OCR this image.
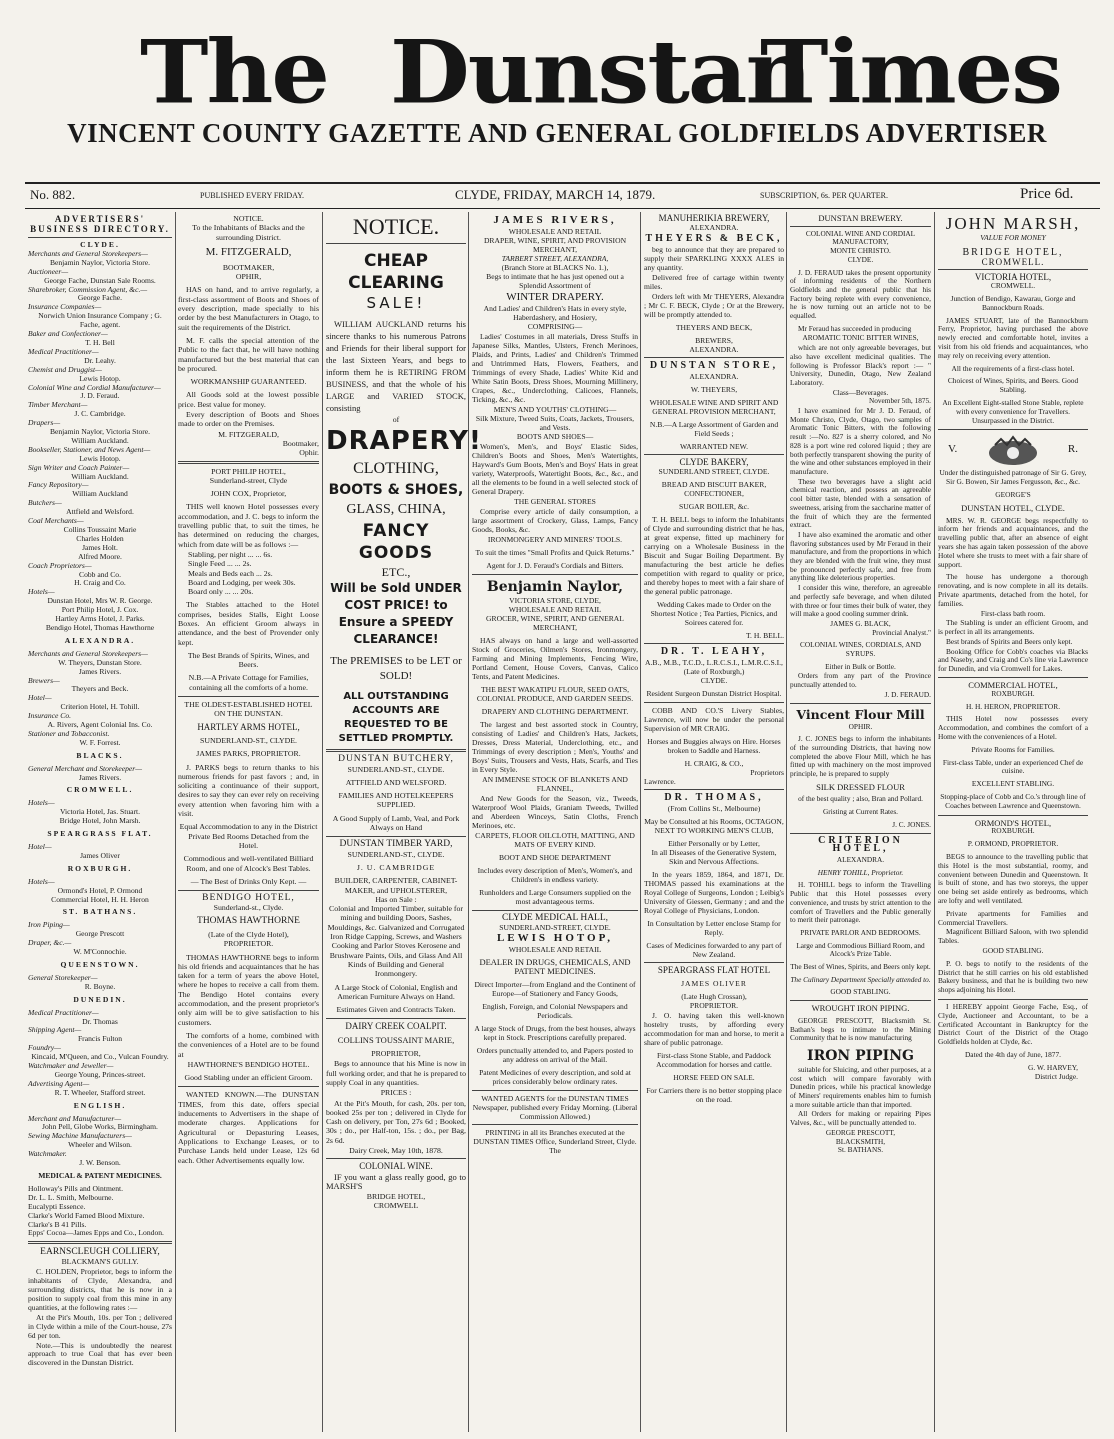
The Dunstan
Times
VINCENT COUNTY GAZETTE AND GENERAL GOLDFIELDS ADVERTISER
No. 882.	PUBLISHED EVERY FRIDAY.	CLYDE, FRIDAY, MARCH 14, 1879.	SUBSCRIPTION, 6s. PER QUARTER.	Price 6d.
ADVERTISERS' BUSINESS DIRECTORY.
CLYDE.
Merchants and General Storekeepers—
Benjamin Naylor, Victoria Store.
Auctioneer—
George Fache, Dunstan Sale Rooms.
Sharebroker, Commission Agent, &c.—
George Fache.
Insurance Companies—
Norwich Union Insurance Company ; G. Fache, agent.
Baker and Confectioner—
T. H. Bell
Medical Practitioner—
Dr. Leahy.
Chemist and Druggist—
Lewis Hotop.
Colonial Wine and Cordial Manufacturer—
J. D. Feraud.
Timber Merchant—
J. C. Cambridge.
Drapers—
Benjamin Naylor, Victoria Store.
William Auckland.
Bookseller, Stationer, and News Agent—
Lewis Hotop.
Sign Writer and Coach Painter—
William Auckland.
Fancy Repository—
William Auckland
Butchers—
Attfield and Welsford.
Coal Merchants—
Collins Toussaint Marie
Charles Holden
James Holt.
Alfred Moore.
Coach Proprietors—
Cobb and Co.
H. Craig and Co.
Hotels—
Dunstan Hotel, Mrs W. R. George.
Port Philip Hotel, J. Cox.
Hartley Arms Hotel, J. Parks.
Bendigo Hotel, Thomas Hawthorne
ALEXANDRA.
Merchants and General Storekeepers—
W. Theyers, Dunstan Store.
James Rivers.
Brewers—
Theyers and Beck.
Hotel—
Criterion Hotel, H. Tohill.
Insurance Co.
A. Rivers, Agent Colonial Ins. Co.
Stationer and Tobacconist.
W. F. Forrest.
BLACKS.
General Merchant and Storekeeper—
James Rivers.
CROMWELL.
Hotels—
Victoria Hotel, Jas. Stuart.
Bridge Hotel, John Marsh.
SPEARGRASS FLAT.
Hotel—
James Oliver
ROXBURGH.
Hotels—
Ormond's Hotel, P. Ormond
Commercial Hotel, H. H. Heron
ST. BATHANS.
Iron Piping—
George Prescott
Draper, &c.—
W. M'Connochie.
QUEENSTOWN.
General Storekeeper—
R. Boyne.
DUNEDIN.
Medical Practitioner—
Dr. Thomas
Shipping Agent—
Francis Fulton
Foundry—
Kincaid, M'Queen, and Co., Vulcan Foundry.
Watchmaker and Jeweller—
George Young, Princes-street.
Advertising Agent—
R. T. Wheeler, Stafford street.
ENGLISH.
Merchant and Manufacturer—
John Pell, Globe Works, Birmingham.
Sewing Machine Manufacturers—
Wheeler and Wilson.
Watchmaker.
J. W. Benson.
MEDICAL & PATENT MEDICINES.
Holloway's Pills and Ointment.
Dr. L. L. Smith, Melbourne.
Eucalypti Essence.
Clarke's World Famed Blood Mixture.
Clarke's B 41 Pills.
Epps' Cocoa—James Epps and Co., London.
EARNSCLEUGH COLLIERY,
BLACKMAN'S GULLY.
C. HOLDEN, Proprietor, begs to inform the inhabitants of Clyde, Alexandra, and surrounding districts, that he is now in a position to supply coal from this mine in any quantities, at the following rates :—
At the Pit's Mouth, 10s. per Ton ; delivered in Clyde within a mile of the Court-house, 27s 6d per ton.
Note.—This is undoubtedly the nearest approach to true Coal that has ever been discovered in the Dunstan District.
NOTICE.
To the Inhabitants of Blacks and the surrounding District.
M. FITZGERALD,
BOOTMAKER,
OPHIR,
HAS on hand, and to arrive regularly, a first-class assortment of Boots and Shoes of every description, made specially to his order by the best Manufacturers in Otago, to suit the requirements of the District.
M. F. calls the special attention of the Public to the fact that, he will have nothing manufactured but the best material that can be procured.
WORKMANSHIP GUARANTEED.
All Goods sold at the lowest possible price. Best value for money.
Every description of Boots and Shoes made to order on the Premises.
M. FITZGERALD,
Bootmaker,
Ophir.
PORT PHILIP HOTEL,
Sunderland-street, Clyde
JOHN COX, Proprietor,
THIS well known Hotel possesses every accommodation, and J. C. begs to inform the travelling public that, to suit the times, he has determined on reducing the charges, which from date will be as follows :—
Stabling, per night ... ... 6s.
Single Feed ... ... 2s.
Meals and Beds each ... 2s.
Board and Lodging, per week 30s.
Board only ... ... 20s.
The Stables attached to the Hotel comprises, besides Stalls, Eight Loose Boxes. An efficient Groom always in attendance, and the best of Provender only kept.
The Best Brands of Spirits, Wines, and Beers.
N.B.—A Private Cottage for Families, containing all the comforts of a home.
THE OLDEST-ESTABLISHED HOTEL ON THE DUNSTAN.
HARTLEY ARMS HOTEL,
SUNDERLAND-ST., CLYDE.
JAMES PARKS, PROPRIETOR.
J. PARKS begs to return thanks to his numerous friends for past favors ; and, in soliciting a continuance of their support, desires to say they can ever rely on receiving every attention when favoring him with a visit.
Equal Accommodation to any in the District Private Bed Rooms Detached from the Hotel.
Commodious and well-ventilated Billiard Room, and one of Alcock's Best Tables.
— The Best of Drinks Only Kept. —
BENDIGO HOTEL,
Sunderland-st., Clyde.
THOMAS HAWTHORNE
(Late of the Clyde Hotel),
PROPRIETOR.
THOMAS HAWTHORNE begs to inform his old friends and acquaintances that he has taken for a term of years the above Hotel, where he hopes to receive a call from them. The Bendigo Hotel contains every accommodation, and the present proprietor's only aim will be to give satisfaction to his customers.
The comforts of a home, combined with the conveniences of a Hotel are to be found at
HAWTHORNE'S BENDIGO HOTEL.
Good Stabling under an efficient Groom.
WANTED KNOWN.—The DUNSTAN TIMES, from this date, offers special inducements to Advertisers in the shape of moderate charges. Applications for Agricultural or Depasturing Leases, Applications to Exchange Leases, or to Purchase Lands held under Lease, 12s 6d each. Other Advertisements equally low.
NOTICE.
CHEAP CLEARING
SALE!
WILLIAM AUCKLAND returns his sincere thanks to his numerous Patrons and Friends for their liberal support for the last Sixteen Years, and begs to inform them he is RETIRING FROM BUSINESS, and that the whole of his LARGE and VARIED STOCK, consisting
of
DRAPERY!
CLOTHING,
BOOTS & SHOES,
GLASS, CHINA,
FANCY GOODS
ETC.,
Will be Sold UNDER COST PRICE! to Ensure a SPEEDY CLEARANCE!
The PREMISES to be LET or SOLD!
ALL OUTSTANDING ACCOUNTS ARE REQUESTED TO BE SETTLED PROMPTLY.
DUNSTAN BUTCHERY,
SUNDERLAND-ST., CLYDE.
ATTFIELD AND WELSFORD.
FAMILIES AND HOTELKEEPERS SUPPLIED.
A Good Supply of Lamb, Veal, and Pork Always on Hand
DUNSTAN TIMBER YARD,
SUNDERLAND-ST., CLYDE.
J. U. CAMBRIDGE
BUILDER, CARPENTER, CABINET-MAKER, and UPHOLSTERER,
Has on Sale :
Colonial and Imported Timber, suitable for mining and building Doors, Sashes, Mouldings, &c. Galvanized and Corrugated Iron Ridge Capping, Screws, and Washers Cooking and Parlor Stoves Kerosene and Brushware Paints, Oils, and Glass And All Kinds of Building and General Ironmongery.
A Large Stock of Colonial, English and American Furniture Always on Hand.
Estimates Given and Contracts Taken.
DAIRY CREEK COALPIT.
COLLINS TOUSSAINT MARIE,
PROPRIETOR,
Begs to announce that his Mine is now in full working order, and that he is prepared to supply Coal in any quantities.
PRICES :
At the Pit's Mouth, for cash, 20s. per ton, booked 25s per ton ; delivered in Clyde for Cash on delivery, per Ton, 27s 6d ; Booked, 30s ; do., per Half-ton, 15s. ; do., per Bag, 2s 6d.
Dairy Creek, May 10th, 1878.
COLONIAL WINE.
IF you want a glass really good, go to MARSH'S
BRIDGE HOTEL,
CROMWELL
JAMES RIVERS,
WHOLESALE AND RETAIL
DRAPER, WINE, SPIRIT, AND PROVISION MERCHANT,
TARBERT STREET, ALEXANDRA,
(Branch Store at BLACKS No. 1.),
Begs to intimate that he has just opened out a Splendid Assortment of
WINTER DRAPERY.
And Ladies' and Children's Hats in every style, Haberdashery, and Hosiery,
COMPRISING—
Ladies' Costumes in all materials, Dress Stuffs in Japanese Silks, Mantles, Ulsters, French Merinoes, Plaids, and Prints, Ladies' and Children's Trimmed and Untrimmed Hats, Flowers, Feathers, and Trimmings of every Shade, Ladies' White Kid and White Satin Boots, Dress Shoes, Mourning Millinery, Crapes, &c., Underclothing, Calicoes, Flannels, Ticking, &c., &c.
MEN'S AND YOUTHS' CLOTHING—
Silk Mixture, Tweed Suits, Coats, Jackets, Trousers, and Vests.
BOOTS AND SHOES—
Women's, Men's, and Boys' Elastic Sides, Children's Boots and Shoes, Men's Watertights, Hayward's Gum Boots, Men's and Boys' Hats in great variety, Waterproofs, Watertight Boots, &c., &c., and all the elements to be found in a well selected stock of General Drapery.
THE GENERAL STORES
Comprise every article of daily consumption, a large assortment of Crockery, Glass, Lamps, Fancy Goods, Books, &c.
IRONMONGERY AND MINERS' TOOLS.
To suit the times "Small Profits and Quick Returns."
Agent for J. D. Feraud's Cordials and Bitters.
Benjamin Naylor,
VICTORIA STORE, CLYDE,
WHOLESALE AND RETAIL
GROCER, WINE, SPIRIT, AND GENERAL MERCHANT,
HAS always on hand a large and well-assorted Stock of Groceries, Oilmen's Stores, Ironmongery, Farming and Mining Implements, Fencing Wire, Portland Cement, House Covers, Canvas, Calico Tents, and Patent Medicines.
THE BEST WAKATIPU FLOUR, SEED OATS, COLONIAL PRODUCE, AND GARDEN SEEDS.
DRAPERY AND CLOTHING DEPARTMENT.
The largest and best assorted stock in Country, consisting of Ladies' and Children's Hats, Jackets, Dresses, Dress Material, Underclothing, etc., and Trimmings of every description ; Men's, Youths' and Boys' Suits, Trousers and Vests, Hats, Scarfs, and Ties in Every Style.
AN IMMENSE STOCK OF BLANKETS AND FLANNEL,
And New Goods for the Season, viz., Tweeds, Waterproof Wool Plaids, Graniam Tweeds, Twilled and Aberdeen Winceys, Satin Cloths, French Merinoes, etc.
CARPETS, FLOOR OILCLOTH, MATTING, AND MATS OF EVERY KIND.
BOOT AND SHOE DEPARTMENT
Includes every description of Men's, Women's, and Children's in endless variety.
Runholders and Large Consumers supplied on the most advantageous terms.
CLYDE MEDICAL HALL,
SUNDERLAND-STREET, CLYDE.
LEWIS HOTOP,
WHOLESALE AND RETAIL
DEALER IN DRUGS, CHEMICALS, AND PATENT MEDICINES.
Direct Importer—from England and the Continent of Europe—of Stationery and Fancy Goods,
English, Foreign, and Colonial Newspapers and Periodicals.
A large Stock of Drugs, from the best houses, always kept in Stock. Prescriptions carefully prepared.
Orders punctually attended to, and Papers posted to any address on arrival of the Mail.
Patent Medicines of every description, and sold at prices considerably below ordinary rates.
WANTED AGENTS for the DUNSTAN TIMES Newspaper, published every Friday Morning. (Liberal Commission Allowed.)
PRINTING in all its Branches executed at the DUNSTAN TIMES Office, Sunderland Street, Clyde. The
MANUHERIKIA BREWERY,
ALEXANDRA.
THEYERS & BECK,
beg to announce that they are prepared to supply their SPARKLING XXXX ALES in any quantity.
Delivered free of cartage within twenty miles.
Orders left with Mr THEYERS, Alexandra ; Mr C. F. BECK, Clyde ; Or at the Brewery, will be promptly attended to.
THEYERS AND BECK,
BREWERS,
ALEXANDRA.
DUNSTAN STORE,
ALEXANDRA.
W. THEYERS,
WHOLESALE WINE AND SPIRIT AND GENERAL PROVISION MERCHANT,
N.B.—A Large Assortment of Garden and Field Seeds ;
WARRANTED NEW.
CLYDE BAKERY,
SUNDERLAND STREET, CLYDE.
BREAD AND BISCUIT BAKER, CONFECTIONER,
SUGAR BOILER, &c.
T. H. BELL begs to inform the Inhabitants of Clyde and surrounding district that he has, at great expense, fitted up machinery for carrying on a Wholesale Business in the Biscuit and Sugar Boiling Department. By manufacturing the best article he defies competition with regard to quality or price, and thereby hopes to meet with a fair share of the general public patronage.
Wedding Cakes made to Order on the Shortest Notice ; Tea Parties, Picnics, and Soirees catered for.
T. H. BELL.
DR. T. LEAHY,
A.B., M.B., T.C.D., L.R.C.S.I., L.M.R.C.S.I.,
(Late of Roxburgh,)
CLYDE.
Resident Surgeon Dunstan District Hospital.
COBB AND CO.'S Livery Stables, Lawrence, will now be under the personal Supervision of MR CRAIG.
Horses and Buggies always on Hire. Horses broken to Saddle and Harness.
H. CRAIG, & CO.,
Proprietors
Lawrence.
DR. THOMAS,
(From Collins St., Melbourne)
May be Consulted at his Rooms, OCTAGON, NEXT TO WORKING MEN'S CLUB,
Either Personally or by Letter,
In all Diseases of the Generative System, Skin and Nervous Affections.
In the years 1859, 1864, and 1871, Dr. THOMAS passed his examinations at the Royal College of Surgeons, London ; Leibig's University of Giessen, Germany ; and and the Royal College of Physicians, London.
In Consultation by Letter enclose Stamp for Reply.
Cases of Medicines forwarded to any part of New Zealand.
SPEARGRASS FLAT HOTEL
JAMES OLIVER
(Late Hugh Crossan),
PROPRIETOR.
J. O. having taken this well-known hostelry trusts, by affording every accommodation for man and horse, to merit a share of public patronage.
First-class Stone Stable, and Paddock Accommodation for horses and cattle.
HORSE FEED ON SALE.
For Carriers there is no better stopping place on the road.
DUNSTAN BREWERY.
COLONIAL WINE AND CORDIAL MANUFACTORY,
MONTE CHRISTO.
CLYDE.
J. D. FERAUD takes the present opportunity of informing residents of the Northern Goldfields and the general public that his Factory being replete with every convenience, he is now turning out an article not to be equalled.
Mr Feraud has succeeded in producing
AROMATIC TONIC BITTER WINES,
which are not only agreeable beverages, but also have excellent medicinal qualities. The following is Professor Black's report :— " University, Dunedin, Otago, New Zealand Laboratory.
Class—Beverages.
November 5th, 1875.
I have examined for Mr J. D. Feraud, of Monte Christo, Clyde, Otago, two samples of Aromatic Tonic Bitters, with the following result :—No. 827 is a sherry colored, and No 828 is a port wine red colored liquid ; they are both perfectly transparent showing the purity of the wine and other substances employed in their manufacture.
These two beverages have a slight acid chemical reaction, and possess an agreeable cool bitter taste, blended with a sensation of sweetness, arising from the saccharine matter of the fruit of which they are the fermented extract.
I have also examined the aromatic and other flavoring substances used by Mr Feraud in their manufacture, and from the proportions in which they are blended with the fruit wine, they must be pronounced perfectly safe, and free from anything like deleterious properties.
I consider this wine, therefore, an agreeable and perfectly safe beverage, and when diluted with three or four times their bulk of water, they will make a good cooling summer drink.
JAMES G. BLACK,
Provincial Analyst."
COLONIAL WINES, CORDIALS, AND SYRUPS.
Either in Bulk or Bottle.
Orders from any part of the Province punctually attended to.
J. D. FERAUD.
Vincent Flour Mill
OPHIR.
J. C. JONES begs to inform the inhabitants of the surrounding Districts, that having now completed the above Flour Mill, which he has fitted up with machinery on the most improved principle, he is prepared to supply
SILK DRESSED FLOUR
of the best quality ; also, Bran and Pollard.
Gristing at Current Rates.
J. C. JONES.
CRITERION HOTEL,
ALEXANDRA.
HENRY TOHILL, Proprietor.
H. TOHILL begs to inform the Travelling Public that this Hotel possesses every convenience, and trusts by strict attention to the comfort of Travellers and the Public generally to merit their patronage.
PRIVATE PARLOR AND BEDROOMS.
Large and Commodious Billiard Room, and Alcock's Prize Table.
The Best of Wines, Spirits, and Beers only kept.
The Culinary Department Specially attended to.
GOOD STABLING.
WROUGHT IRON PIPING.
GEORGE PRESCOTT, Blacksmith St. Bathan's begs to intimate to the Mining Community that he is now manufacturing
IRON PIPING
suitable for Sluicing, and other purposes, at a cost which will compare favorably with Dunedin prices, while his practical knowledge of Miners' requirements enables him to furnish a more suitable article than that imported.
All Orders for making or repairing Pipes Valves, &c., will be punctually attended to.
GEORGE PRESCOTT,
BLACKSMITH,
St. BATHANS.
JOHN MARSH,
VALUE FOR MONEY
BRIDGE HOTEL,
CROMWELL.
VICTORIA HOTEL,
CROMWELL.
Junction of Bendigo, Kawarau, Gorge and Bannockburn Roads.
JAMES STUART, late of the Bannockburn Ferry, Proprietor, having purchased the above newly erected and comfortable hotel, invites a visit from his old friends and acquaintances, who may rely on receiving every attention.
All the requirements of a first-class hotel.
Choicest of Wines, Spirits, and Beers. Good Stabling.
An Excellent Eight-stalled Stone Stable, replete with every convenience for Travellers. Unsurpassed in the District.
V.	R.
Under the distinguished patronage of Sir G. Grey, Sir G. Bowen, Sir James Fergusson, &c., &c.
GEORGE'S
DUNSTAN HOTEL, CLYDE.
MRS. W. R. GEORGE begs respectfully to inform her friends and acquaintances, and the travelling public that, after an absence of eight years she has again taken possession of the above Hotel where she trusts to meet with a fair share of support.
The house has undergone a thorough renovating, and is now complete in all its details. Private apartments, detached from the hotel, for families.
First-class bath room.
The Stabling is under an efficient Groom, and is perfect in all its arrangements.
Best brands of Spirits and Beers only kept.
Booking Office for Cobb's coaches via Blacks and Naseby, and Craig and Co's line via Lawrence for Dunedin, and via Cromwell for Lakes.
COMMERCIAL HOTEL,
ROXBURGH.
H. H. HERON, PROPRIETOR.
THIS Hotel now possesses every Accommodation, and combines the comfort of a Home with the conveniences of a Hotel.
Private Rooms for Families.
First-class Table, under an experienced Chef de cuisine.
EXCELLENT STABLING.
Stopping-place of Cobb and Co.'s through line of Coaches between Lawrence and Queenstown.
ORMOND'S HOTEL,
ROXBURGH.
P. ORMOND, PROPRIETOR.
BEGS to announce to the travelling public that this Hotel is the most substantial, roomy, and convenient between Dunedin and Queenstown. It is built of stone, and has two storeys, the upper one being set aside entirely as bedrooms, which are lofty and well ventilated.
Private apartments for Families and Commercial Travellers.
Magnificent Billiard Saloon, with two splendid Tables.
GOOD STABLING.
P. O. begs to notify to the residents of the District that he still carries on his old established Bakery business, and that he is building two new shops adjoining his Hotel.
I HEREBY appoint George Fache, Esq., of Clyde, Auctioneer and Accountant, to be a Certificated Accountant in Bankruptcy for the District Court of the District of the Otago Goldfields holden at Clyde, &c.
Dated the 4th day of June, 1877.
G. W. HARVEY,
District Judge.
